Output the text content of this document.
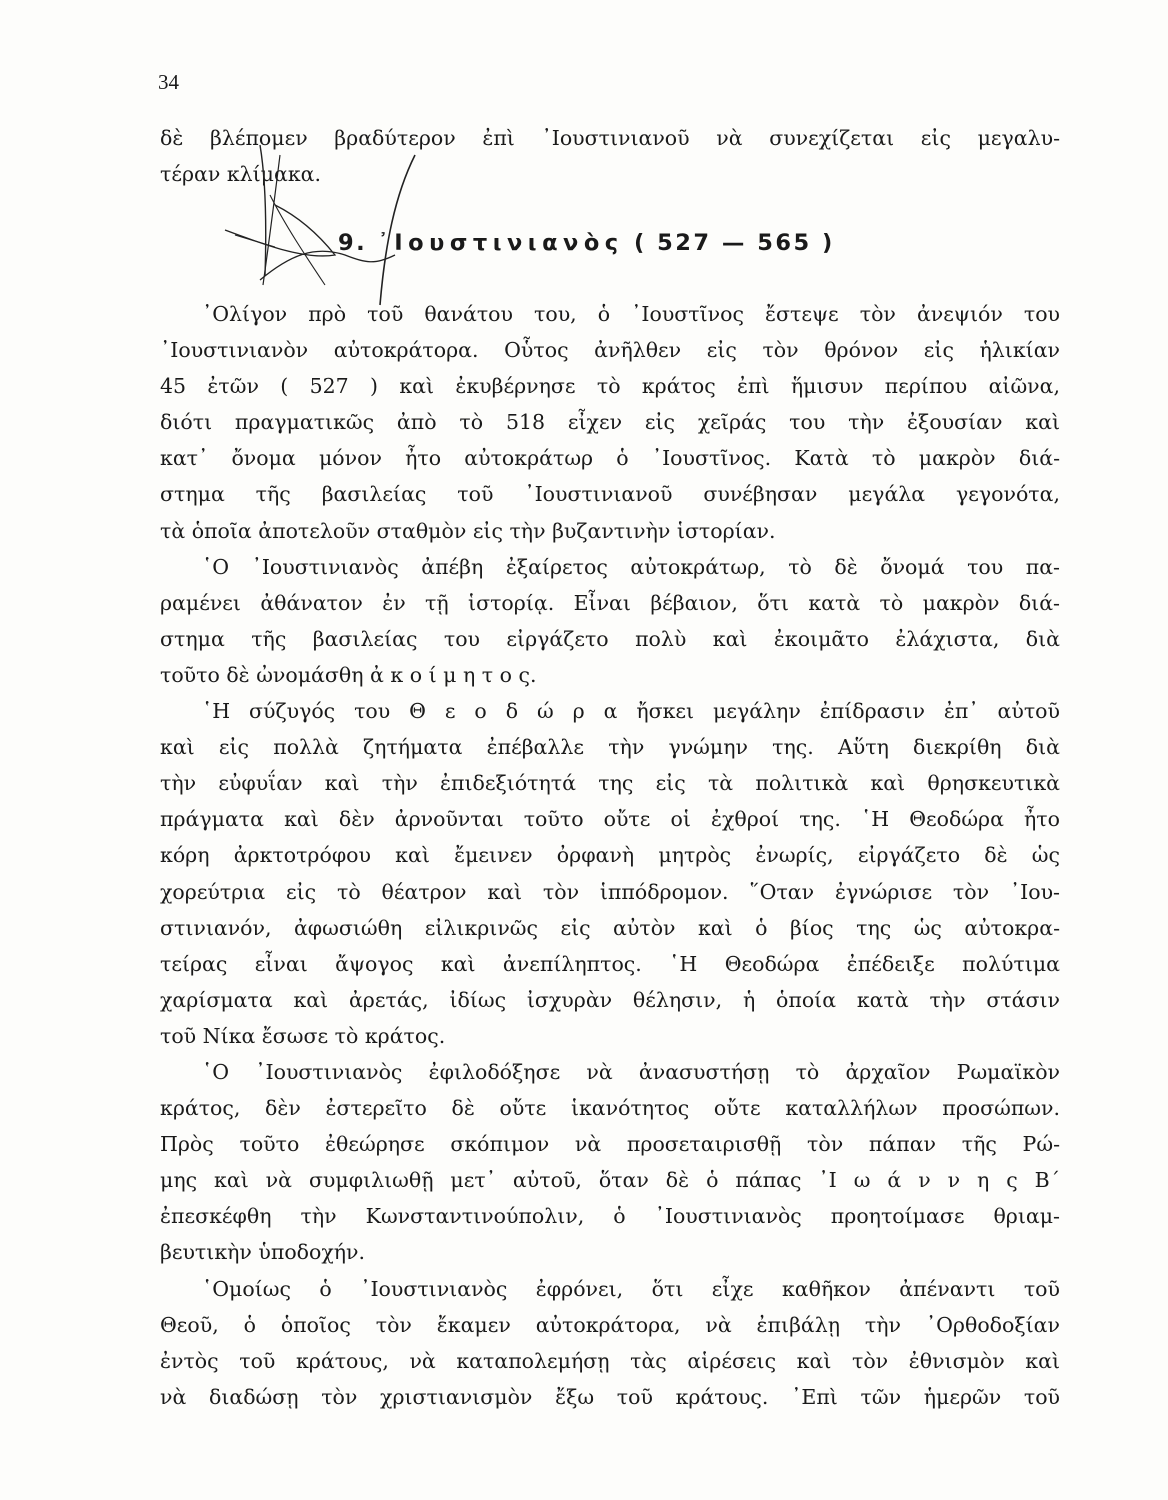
34
δὲ βλέπομεν βραδύτερον ἐπὶ ᾿Ιουστινιανοῦ νὰ συνεχίζεται εἰς μεγαλυ-
τέραν κλίμακα.
9. ᾿Ιουστινιανὸς ( 527 — 565 )
᾿Ολίγον πρὸ τοῦ θανάτου του, ὁ ᾿Ιουστῖνος ἔστεψε τὸν ἀνεψιόν του
᾿Ιουστινιανὸν αὐτοκράτορα. Οὗτος ἀνῆλθεν εἰς τὸν θρόνον εἰς ἡλικίαν
45 ἐτῶν ( 527 ) καὶ ἐκυβέρνησε τὸ κράτος ἐπὶ ἥμισυν περίπου αἰῶνα,
διότι πραγματικῶς ἀπὸ τὸ 518 εἶχεν εἰς χεῖράς του τὴν ἐξουσίαν καὶ
κατ᾿ ὄνομα μόνον ἦτο αὐτοκράτωρ ὁ ᾿Ιουστῖνος. Κατὰ τὸ μακρὸν διά-
στημα τῆς βασιλείας τοῦ ᾿Ιουστινιανοῦ συνέβησαν μεγάλα γεγονότα,
τὰ ὁποῖα ἀποτελοῦν σταθμὸν εἰς τὴν βυζαντινὴν ἱστορίαν.
῾Ο ᾿Ιουστινιανὸς ἀπέβη ἐξαίρετος αὐτοκράτωρ, τὸ δὲ ὄνομά του πα-
ραμένει ἀθάνατον ἐν τῇ ἱστορίᾳ. Εἶναι βέβαιον, ὅτι κατὰ τὸ μακρὸν διά-
στημα τῆς βασιλείας του εἰργάζετο πολὺ καὶ ἐκοιμᾶτο ἐλάχιστα, διὰ
τοῦτο δὲ ὠνομάσθη ἀ κ ο ί μ η τ ο ς.
῾Η σύζυγός του Θ ε ο δ ώ ρ α ἤσκει μεγάλην ἐπίδρασιν ἐπ᾿ αὐτοῦ
καὶ εἰς πολλὰ ζητήματα ἐπέβαλλε τὴν γνώμην της. Αὕτη διεκρίθη διὰ
τὴν εὐφυΐαν καὶ τὴν ἐπιδεξιότητά της εἰς τὰ πολιτικὰ καὶ θρησκευτικὰ
πράγματα καὶ δὲν ἀρνοῦνται τοῦτο οὔτε οἱ ἐχθροί της. ῾Η Θεοδώρα ἦτο
κόρη ἀρκτοτρόφου καὶ ἔμεινεν ὀρφανὴ μητρὸς ἐνωρίς, εἰργάζετο δὲ ὡς
χορεύτρια εἰς τὸ θέατρον καὶ τὸν ἱππόδρομον. ῞Οταν ἐγνώρισε τὸν ᾿Ιου-
στινιανόν, ἀφωσιώθη εἰλικρινῶς εἰς αὐτὸν καὶ ὁ βίος της ὡς αὐτοκρα-
τείρας εἶναι ἄψογος καὶ ἀνεπίληπτος. ῾Η Θεοδώρα ἐπέδειξε πολύτιμα
χαρίσματα καὶ ἀρετάς, ἰδίως ἰσχυρὰν θέλησιν, ἡ ὁποία κατὰ τὴν στάσιν
τοῦ Νίκα ἔσωσε τὸ κράτος.
῾Ο ᾿Ιουστινιανὸς ἐφιλοδόξησε νὰ ἀνασυστήσῃ τὸ ἀρχαῖον Ρωμαϊκὸν
κράτος, δὲν ἐστερεῖτο δὲ οὔτε ἱκανότητος οὔτε καταλλήλων προσώπων.
Πρὸς τοῦτο ἐθεώρησε σκόπιμον νὰ προσεταιρισθῇ τὸν πάπαν τῆς Ρώ-
μης καὶ νὰ συμφιλιωθῇ μετ᾿ αὐτοῦ, ὅταν δὲ ὁ πάπας ᾿Ι ω ά ν ν η ς Β΄
ἐπεσκέφθη τὴν Κωνσταντινούπολιν, ὁ ᾿Ιουστινιανὸς προητοίμασε θριαμ-
βευτικὴν ὑποδοχήν.
῾Ομοίως ὁ ᾿Ιουστινιανὸς ἐφρόνει, ὅτι εἶχε καθῆκον ἀπέναντι τοῦ
Θεοῦ, ὁ ὁποῖος τὸν ἔκαμεν αὐτοκράτορα, νὰ ἐπιβάλῃ τὴν ᾿Ορθοδοξίαν
ἐντὸς τοῦ κράτους, νὰ καταπολεμήσῃ τὰς αἱρέσεις καὶ τὸν ἐθνισμὸν καὶ
νὰ διαδώσῃ τὸν χριστιανισμὸν ἔξω τοῦ κράτους. ᾿Επὶ τῶν ἡμερῶν τοῦ
